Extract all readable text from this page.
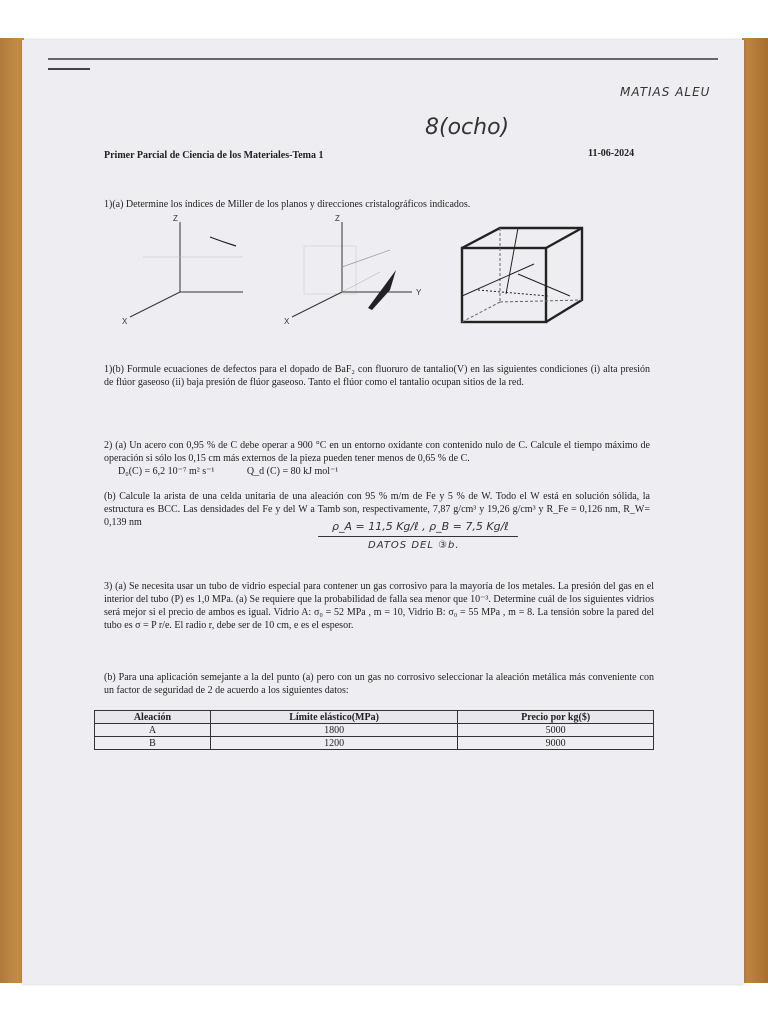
MATIAS ALEU
8(ocho)
Primer Parcial de Ciencia de los Materiales-Tema 1	11-06-2024
1)(a) Determine los índices de Miller de los planos y direcciones cristalográficos indicados.
Z
X
Z
Y
X
1)(b) Formule ecuaciones de defectos para el dopado de BaF₂ con fluoruro de tantalio(V) en las siguientes condiciones (i) alta presión de flúor gaseoso (ii) baja presión de flúor gaseoso. Tanto el flúor como el tantalio ocupan sitios de la red.
2) (a) Un acero con 0,95 % de C debe operar a 900 °C en un entorno oxidante con contenido nulo de C. Calcule el tiempo máximo de operación si sólo los 0,15 cm más externos de la pieza pueden tener menos de 0,65 % de C.
D₀(C) = 6,2 10⁻⁷ m² s⁻¹	Q_d (C) = 80 kJ mol⁻¹
(b) Calcule la arista de una celda unitaria de una aleación con 95 % m/m de Fe y 5 % de W. Todo el W está en solución sólida, la estructura es BCC. Las densidades del Fe y del W a Tamb son, respectivamente, 7,87 g/cm³ y 19,26 g/cm³ y R_Fe = 0,126 nm, R_W= 0,139 nm	ρ_A = 11,5 Kg/ℓ , ρ_B = 7,5 Kg/ℓ
DATOS DEL ③b.
3) (a) Se necesita usar un tubo de vidrio especial para contener un gas corrosivo para la mayoría de los metales. La presión del gas en el interior del tubo (P) es 1,0 MPa. (a) Se requiere que la probabilidad de falla sea menor que 10⁻³. Determine cuál de los siguientes vidrios será mejor si el precio de ambos es igual. Vidrio A: σ₀ = 52 MPa , m = 10, Vidrio B: σ₀ = 55 MPa , m = 8. La tensión sobre la pared del tubo es σ = P r/e. El radio r, debe ser de 10 cm, e es el espesor.
(b) Para una aplicación semejante a la del punto (a) pero con un gas no corrosivo seleccionar la aleación metálica más conveniente con un factor de seguridad de 2 de acuerdo a los siguientes datos:
Aleación	Límite elástico(MPa)	Precio por kg($)
A	1800	5000
B	1200	9000
